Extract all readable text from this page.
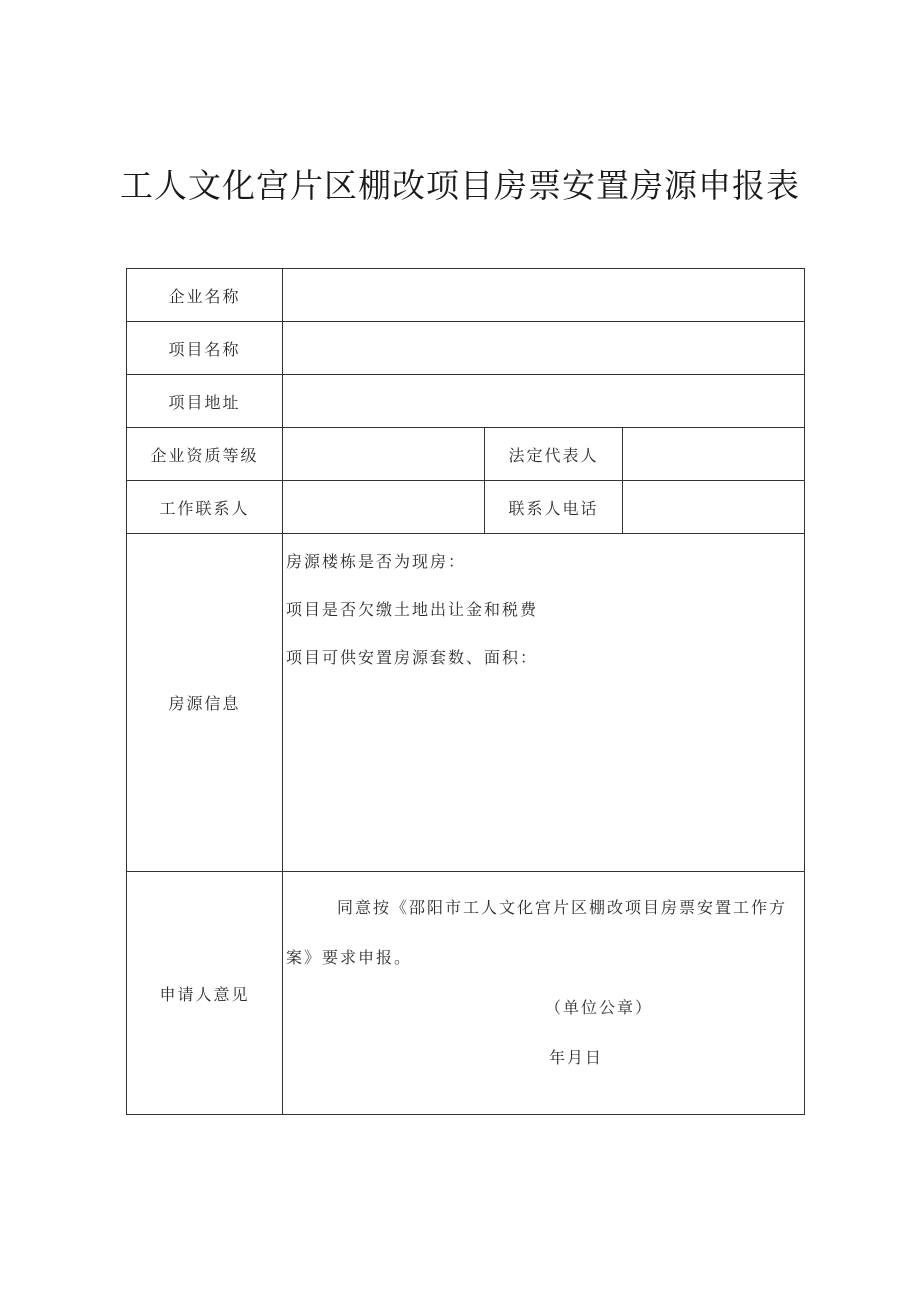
工人文化宫片区棚改项目房票安置房源申报表
企业名称			
项目名称			
项目地址			
企业资质等级		法定代表人	
工作联系人		联系人电话	
房源信息	房源楼栋是否为现房：
项目是否欠缴土地出让金和税费
项目可供安置房源套数、面积：		

申请人意见	同意按《邵阳市工人文化宫片区棚改项目房票安置工作方
案》要求申报。
（单位公章）
年月日		
